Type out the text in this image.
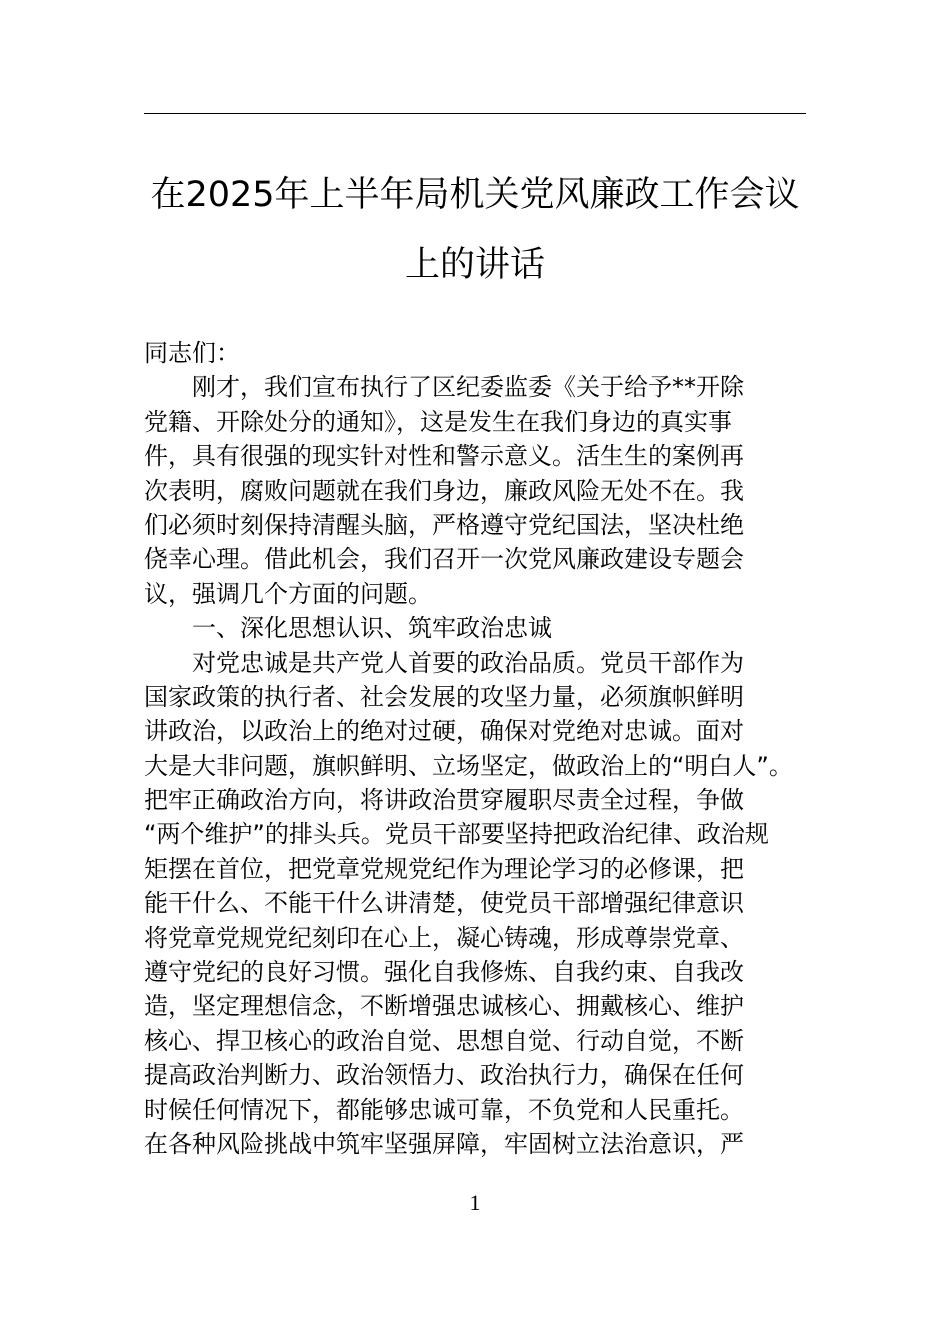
在2025年上半年局机关党风廉政工作会议
上的讲话
同志们：
刚才，我们宣布执行了区纪委监委《关于给予**开除
党籍、开除处分的通知》，这是发生在我们身边的真实事
件，具有很强的现实针对性和警示意义。活生生的案例再
次表明，腐败问题就在我们身边，廉政风险无处不在。我
们必须时刻保持清醒头脑，严格遵守党纪国法，坚决杜绝
侥幸心理。借此机会，我们召开一次党风廉政建设专题会
议，强调几个方面的问题。
一、深化思想认识、筑牢政治忠诚
对党忠诚是共产党人首要的政治品质。党员干部作为
国家政策的执行者、社会发展的攻坚力量，必须旗帜鲜明
讲政治，以政治上的绝对过硬，确保对党绝对忠诚。面对
大是大非问题，旗帜鲜明、立场坚定，做政治上的“明白人”。
把牢正确政治方向，将讲政治贯穿履职尽责全过程，争做
“两个维护”的排头兵。党员干部要坚持把政治纪律、政治规
矩摆在首位，把党章党规党纪作为理论学习的必修课，把
能干什么、不能干什么讲清楚，使党员干部增强纪律意识
将党章党规党纪刻印在心上，凝心铸魂，形成尊崇党章、
遵守党纪的良好习惯。强化自我修炼、自我约束、自我改
造，坚定理想信念，不断增强忠诚核心、拥戴核心、维护
核心、捍卫核心的政治自觉、思想自觉、行动自觉，不断
提高政治判断力、政治领悟力、政治执行力，确保在任何
时候任何情况下，都能够忠诚可靠，不负党和人民重托。
在各种风险挑战中筑牢坚强屏障，牢固树立法治意识，严
1
